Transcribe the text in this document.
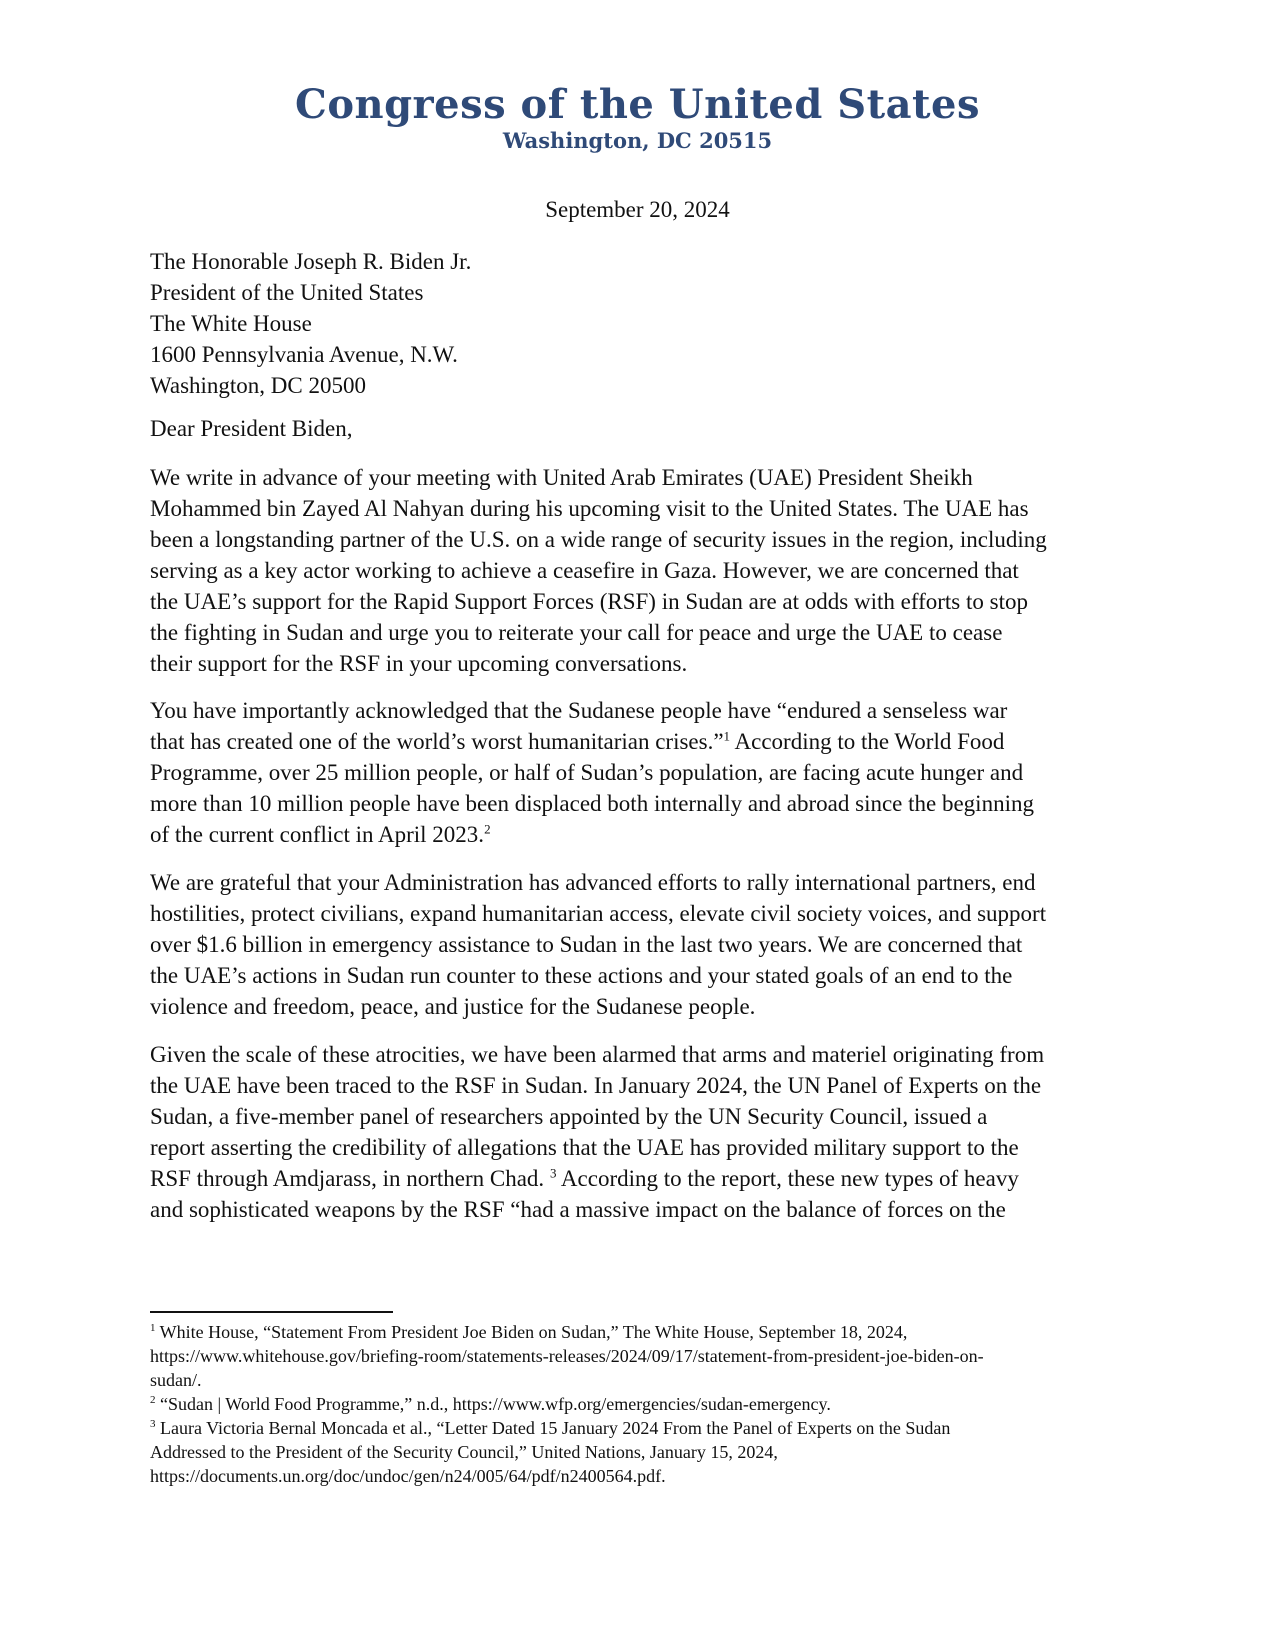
Congress of the United States
Washington, DC 20515
September 20, 2024
The Honorable Joseph R. Biden Jr.
President of the United States
The White House
1600 Pennsylvania Avenue, N.W.
Washington, DC 20500
Dear President Biden,

We write in advance of your meeting with United Arab Emirates (UAE) President Sheikh
Mohammed bin Zayed Al Nahyan during his upcoming visit to the United States. The UAE has
been a longstanding partner of the U.S. on a wide range of security issues in the region, including
serving as a key actor working to achieve a ceasefire in Gaza. However, we are concerned that
the UAE’s support for the Rapid Support Forces (RSF) in Sudan are at odds with efforts to stop
the fighting in Sudan and urge you to reiterate your call for peace and urge the UAE to cease
their support for the RSF in your upcoming conversations.

You have importantly acknowledged that the Sudanese people have “endured a senseless war
that has created one of the world’s worst humanitarian crises.”$^1$ According to the World Food
Programme, over 25 million people, or half of Sudan’s population, are facing acute hunger and
more than 10 million people have been displaced both internally and abroad since the beginning
of the current conflict in April 2023.$^2$

We are grateful that your Administration has advanced efforts to rally international partners, end
hostilities, protect civilians, expand humanitarian access, elevate civil society voices, and support
over $1.6 billion in emergency assistance to Sudan in the last two years. We are concerned that
the UAE’s actions in Sudan run counter to these actions and your stated goals of an end to the
violence and freedom, peace, and justice for the Sudanese people.

Given the scale of these atrocities, we have been alarmed that arms and materiel originating from
the UAE have been traced to the RSF in Sudan. In January 2024, the UN Panel of Experts on the
Sudan, a five-member panel of researchers appointed by the UN Security Council, issued a
report asserting the credibility of allegations that the UAE has provided military support to the
RSF through Amdjarass, in northern Chad. $^3$ According to the report, these new types of heavy
and sophisticated weapons by the RSF “had a massive impact on the balance of forces on the

$^1$ White House, “Statement From President Joe Biden on Sudan,” The White House, September 18, 2024,
https://www.whitehouse.gov/briefing-room/statements-releases/2024/09/17/statement-from-president-joe-biden-on-
sudan/.
$^2$ “Sudan | World Food Programme,” n.d., https://www.wfp.org/emergencies/sudan-emergency.
$^3$ Laura Victoria Bernal Moncada et al., “Letter Dated 15 January 2024 From the Panel of Experts on the Sudan
Addressed to the President of the Security Council,” United Nations, January 15, 2024,
https://documents.un.org/doc/undoc/gen/n24/005/64/pdf/n2400564.pdf.
